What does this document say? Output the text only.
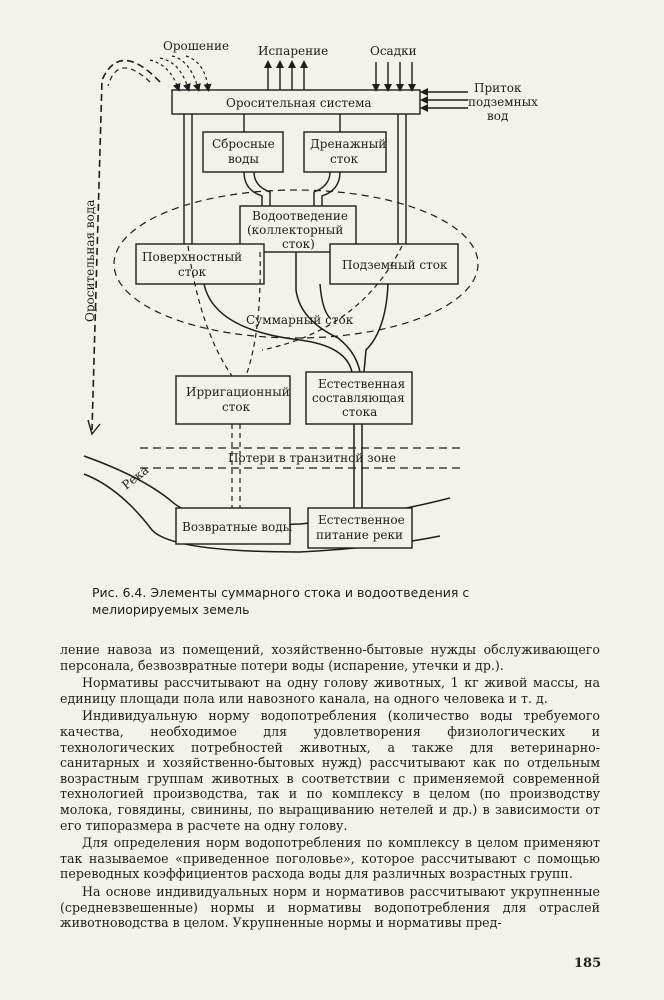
Орошение Испарение	Осадки
Приток подземных вод
Оросительная вода
Оросительная система
Сбросные воды
Дренажный сток
Водоотведение (коллекторный сток)
Поверхностный сток	Подземный сток
Суммарный сток
Ирригационный сток
Естественная составляющая стока
Потери в транзитной зоне
Река
Возвратные воды Естественное питание реки
Рис. 6.4. Элементы суммарного стока и водоотведения с мелиорируемых земель

ление навоза из помещений, хозяйственно-бытовые нужды обслуживающего персонала, безвозвратные потери воды (испарение, утечки и др.).

Нормативы рассчитывают на одну голову животных, 1 кг живой массы, на единицу площади пола или навозного канала, на одного человека и т. д.

Индивидуальную норму водопотребления (количество воды требуемого качества, необходимое для удовлетворения физиологических и технологических потребностей животных, а также для ветеринарно-санитарных и хозяйственно-бытовых нужд) рассчитывают как по отдельным возрастным группам животных в соответствии с применяемой современной технологией производства, так и по комплексу в целом (по производству молока, говядины, свинины, по выращиванию нетелей и др.) в зависимости от его типоразмера в расчете на одну голову.

Для определения норм водопотребления по комплексу в целом применяют так называемое «приведенное поголовье», которое рассчитывают с помощью переводных коэффициентов расхода воды для различных возрастных групп.

На основе индивидуальных норм и нормативов рассчитывают укрупненные (средневзвешенные) нормы и нормативы водопотребления для отраслей животноводства в целом. Укрупненные нормы и нормативы пред-

185
